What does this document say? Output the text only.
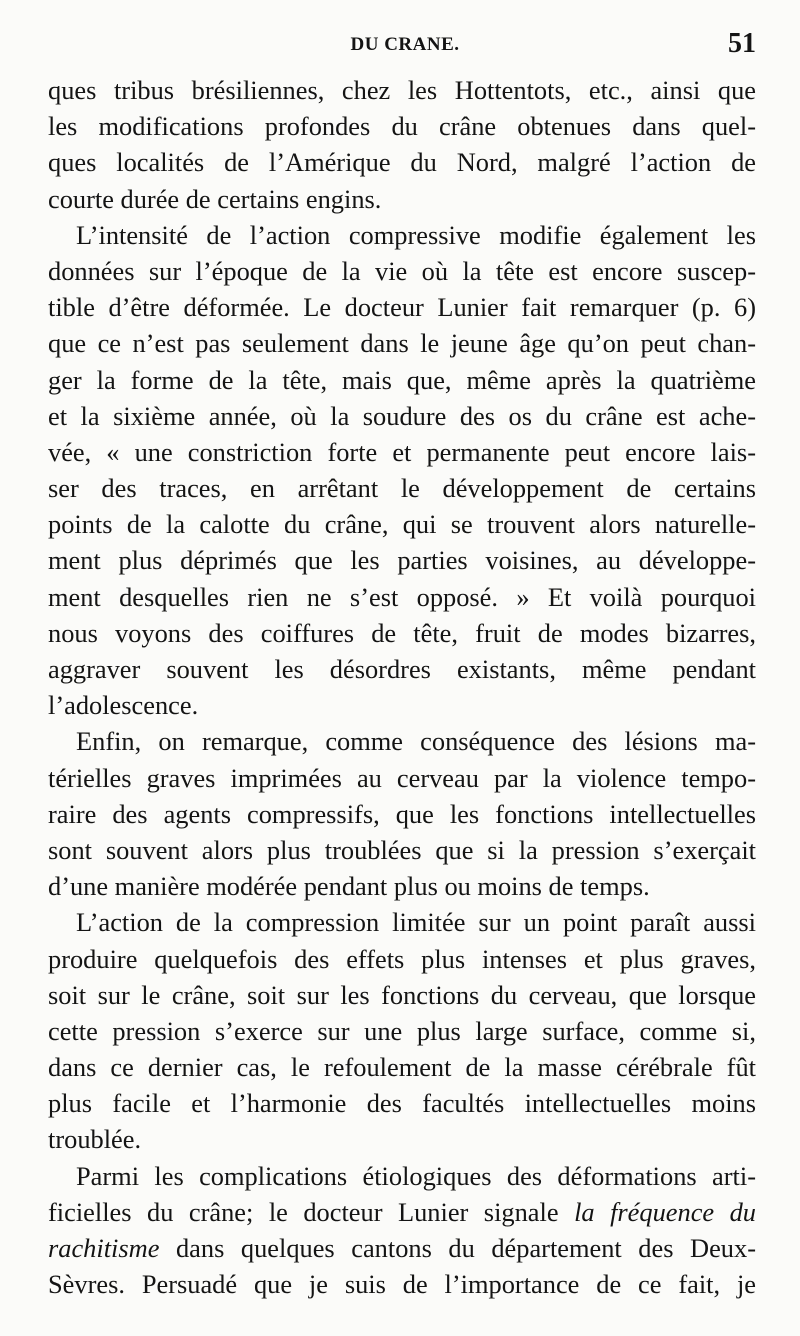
DU CRANE.	51
ques tribus brésiliennes, chez les Hottentots, etc., ainsi que
les modifications profondes du crâne obtenues dans quel-
ques localités de l’Amérique du Nord, malgré l’action de
courte durée de certains engins.
L’intensité de l’action compressive modifie également les
données sur l’époque de la vie où la tête est encore suscep-
tible d’être déformée. Le docteur Lunier fait remarquer (p. 6)
que ce n’est pas seulement dans le jeune âge qu’on peut chan-
ger la forme de la tête, mais que, même après la quatrième
et la sixième année, où la soudure des os du crâne est ache-
vée, « une constriction forte et permanente peut encore lais-
ser des traces, en arrêtant le développement de certains
points de la calotte du crâne, qui se trouvent alors naturelle-
ment plus déprimés que les parties voisines, au développe-
ment desquelles rien ne s’est opposé. » Et voilà pourquoi
nous voyons des coiffures de tête, fruit de modes bizarres,
aggraver souvent les désordres existants, même pendant
l’adolescence.
Enfin, on remarque, comme conséquence des lésions ma-
térielles graves imprimées au cerveau par la violence tempo-
raire des agents compressifs, que les fonctions intellectuelles
sont souvent alors plus troublées que si la pression s’exerçait
d’une manière modérée pendant plus ou moins de temps.
L’action de la compression limitée sur un point paraît aussi
produire quelquefois des effets plus intenses et plus graves,
soit sur le crâne, soit sur les fonctions du cerveau, que lorsque
cette pression s’exerce sur une plus large surface, comme si,
dans ce dernier cas, le refoulement de la masse cérébrale fût
plus facile et l’harmonie des facultés intellectuelles moins
troublée.
Parmi les complications étiologiques des déformations arti-
ficielles du crâne; le docteur Lunier signale la fréquence du
rachitisme dans quelques cantons du département des Deux-
Sèvres. Persuadé que je suis de l’importance de ce fait, je
